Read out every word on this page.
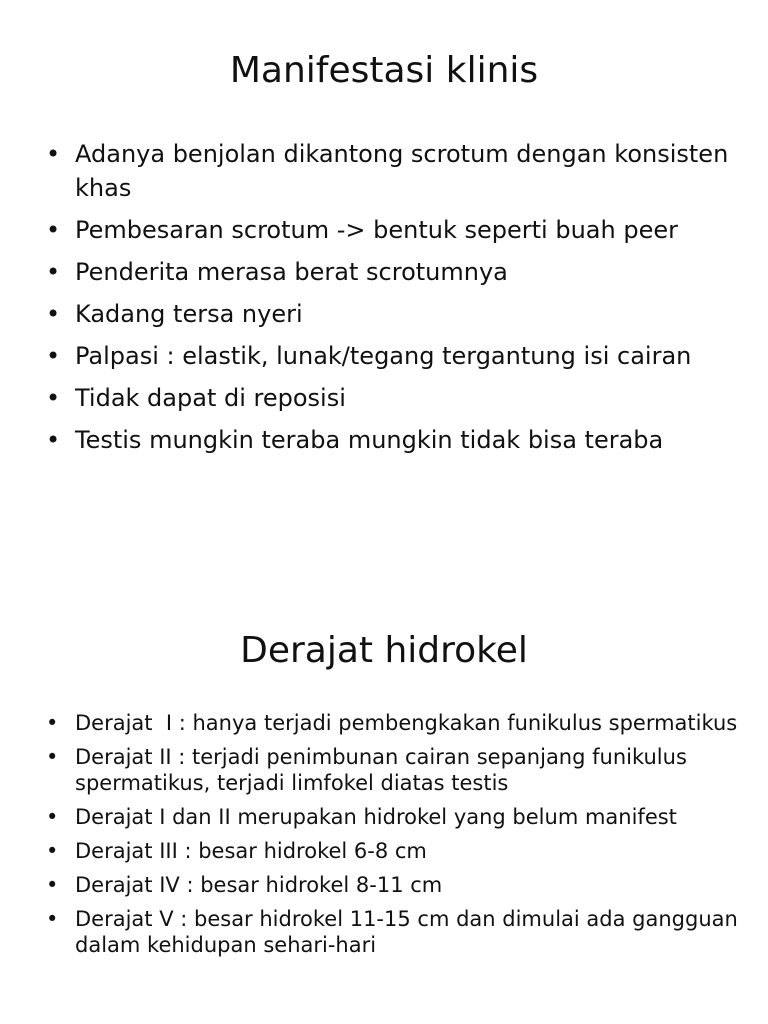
Manifestasi klinis
• Adanya benjolan dikantong scrotum dengan konsisten khas
• Pembesaran scrotum -> bentuk seperti buah peer
• Penderita merasa berat scrotumnya
• Kadang tersa nyeri
• Palpasi : elastik, lunak/tegang tergantung isi cairan
• Tidak dapat di reposisi
• Testis mungkin teraba mungkin tidak bisa teraba
Derajat hidrokel
• Derajat  I : hanya terjadi pembengkakan funikulus spermatikus
• Derajat II : terjadi penimbunan cairan sepanjang funikulus spermatikus, terjadi limfokel diatas testis
• Derajat I dan II merupakan hidrokel yang belum manifest
• Derajat III : besar hidrokel 6-8 cm
• Derajat IV : besar hidrokel 8-11 cm
• Derajat V : besar hidrokel 11-15 cm dan dimulai ada gangguan dalam kehidupan sehari-hari
